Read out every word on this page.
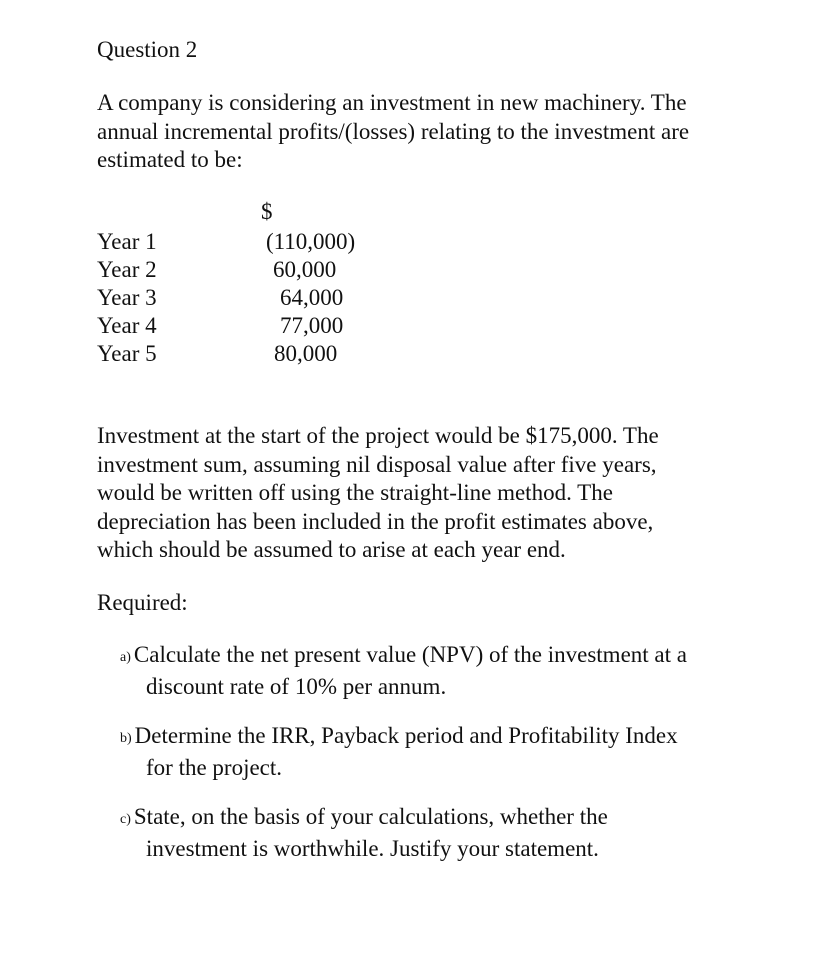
Question 2
A company is considering an investment in new machinery. The
annual incremental profits/(losses) relating to the investment are
estimated to be:
$
Year 1	(110,000)
Year 2	60,000
Year 3	64,000
Year 4	77,000
Year 5	80,000
Investment at the start of the project would be $175,000. The
investment sum, assuming nil disposal value after five years,
would be written off using the straight-line method. The
depreciation has been included in the profit estimates above,
which should be assumed to arise at each year end.
Required:
a) Calculate the net present value (NPV) of the investment at a
discount rate of 10% per annum.
b) Determine the IRR, Payback period and Profitability Index
for the project.
c) State, on the basis of your calculations, whether the
investment is worthwhile. Justify your statement.
